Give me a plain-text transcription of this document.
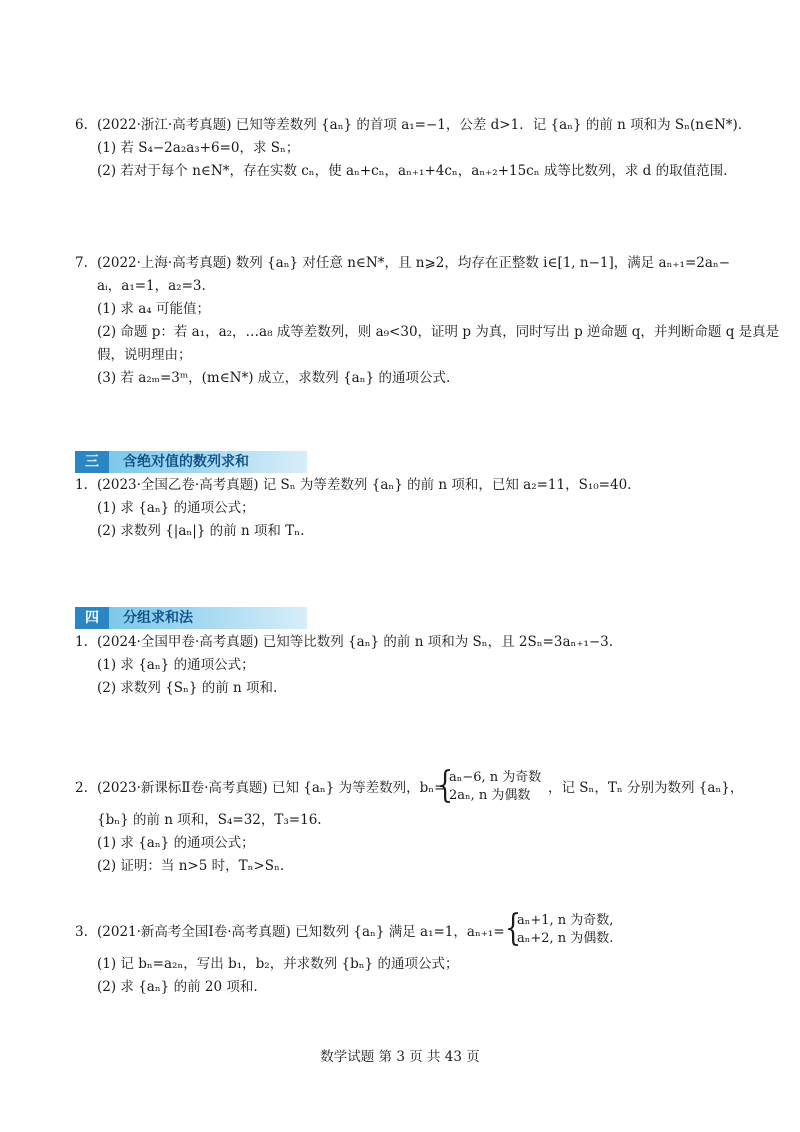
6. (2022·浙江·高考真题) 已知等差数列 {aₙ} 的首项 a₁=−1，公差 d>1．记 {aₙ} 的前 n 项和为 Sₙ(n∈N*)．
(1) 若 S₄−2a₂a₃+6=0，求 Sₙ；
(2) 若对于每个 n∈N*，存在实数 cₙ，使 aₙ+cₙ，aₙ₊₁+4cₙ，aₙ₊₂+15cₙ 成等比数列，求 d 的取值范围.
7. (2022·上海·高考真题) 数列 {aₙ} 对任意 n∈N*，且 n⩾2，均存在正整数 i∈[1, n−1]，满足 aₙ₊₁=2aₙ−
aᵢ，a₁=1，a₂=3.
(1) 求 a₄ 可能值；
(2) 命题 p：若 a₁，a₂，…a₈ 成等差数列，则 a₉<30，证明 p 为真，同时写出 p 逆命题 q，并判断命题 q 是真是
假，说明理由；
(3) 若 a₂ₘ=3ᵐ，(m∈N*) 成立，求数列 {aₙ} 的通项公式.
三	含绝对值的数列求和
1. (2023·全国乙卷·高考真题) 记 Sₙ 为等差数列 {aₙ} 的前 n 项和，已知 a₂=11，S₁₀=40.
(1) 求 {aₙ} 的通项公式；
(2) 求数列 {|aₙ|} 的前 n 项和 Tₙ.
四	分组求和法
1. (2024·全国甲卷·高考真题) 已知等比数列 {aₙ} 的前 n 项和为 Sₙ，且 2Sₙ=3aₙ₊₁−3.
(1) 求 {aₙ} 的通项公式；
(2) 求数列 {Sₙ} 的前 n 项和.
2. (2023·新课标Ⅱ卷·高考真题) 已知 {aₙ} 为等差数列，bₙ=
{
aₙ−6, n 为奇数
2aₙ, n 为偶数 ，记 Sₙ，Tₙ 分别为数列 {aₙ}，
{bₙ} 的前 n 项和，S₄=32，T₃=16.
(1) 求 {aₙ} 的通项公式；
(2) 证明：当 n>5 时，Tₙ>Sₙ.
3. (2021·新高考全国Ⅰ卷·高考真题) 已知数列 {aₙ} 满足 a₁=1，aₙ₊₁= {
aₙ+1, n 为奇数,
aₙ+2, n 为偶数.
(1) 记 bₙ=a₂ₙ，写出 b₁，b₂，并求数列 {bₙ} 的通项公式；
(2) 求 {aₙ} 的前 20 项和.
数学试题 第 3 页 共 43 页
